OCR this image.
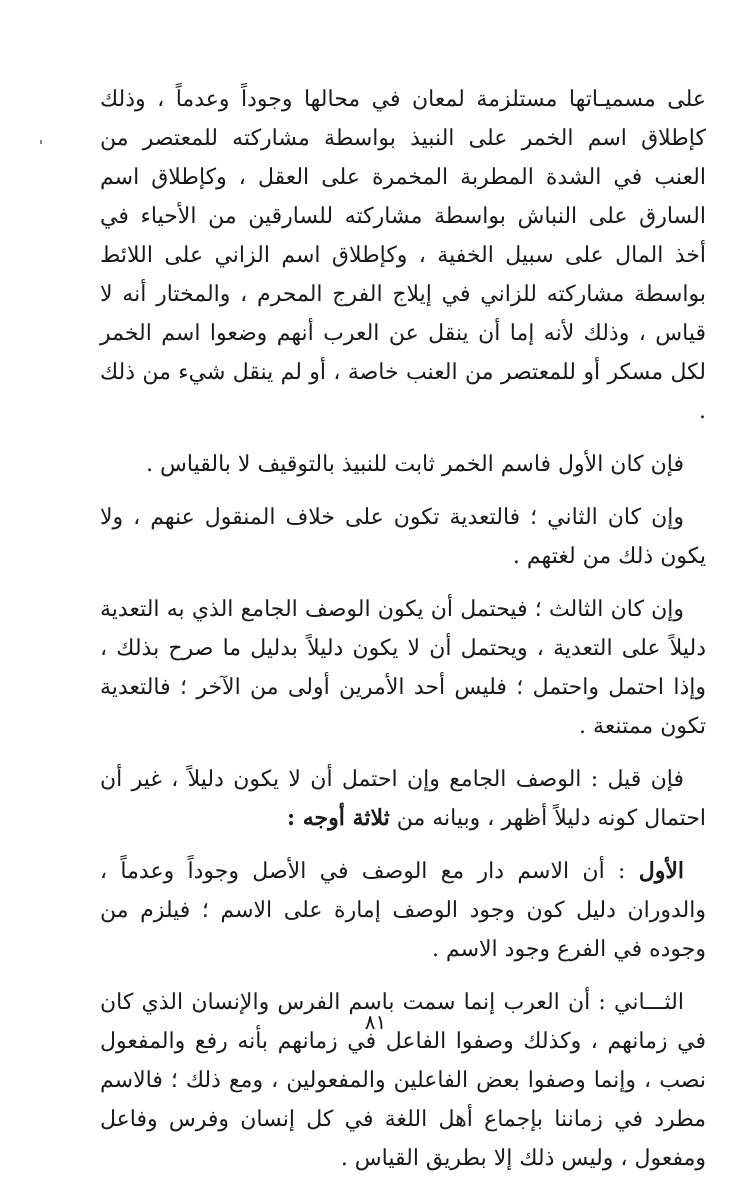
على مسميـاتها مستلزمة لمعان في محالها وجوداً وعدماً ، وذلك كإطلاق اسم الخمر على النبيذ بواسطة مشاركته للمعتصر من العنب في الشدة المطربة المخمرة على العقل ، وكإطلاق اسم السارق على النباش بواسطة مشاركته للسارقين من الأحياء في أخذ المال على سبيل الخفية ، وكإطلاق اسم الزاني على اللائط بواسطة مشاركته للزاني في إيلاج الفرج المحرم ، والمختار أنه لا قياس ، وذلك لأنه إما أن ينقل عن العرب أنهم وضعوا اسم الخمر لكل مسكر أو للمعتصر من العنب خاصة ، أو لم ينقل شيء من ذلك .

فإن كان الأول فاسم الخمر ثابت للنبيذ بالتوقيف لا بالقياس .

وإن كان الثاني ؛ فالتعدية تكون على خلاف المنقول عنهم ، ولا يكون ذلك من لغتهم .

وإن كان الثالث ؛ فيحتمل أن يكون الوصف الجامع الذي به التعدية دليلاً على التعدية ، ويحتمل أن لا يكون دليلاً بدليل ما صرح بذلك ، وإذا احتمل واحتمل ؛ فليس أحد الأمرين أولى من الآخر ؛ فالتعدية تكون ممتنعة .

فإن قيل : الوصف الجامع وإن احتمل أن لا يكون دليلاً ، غير أن احتمال كونه دليلاً أظهر ، وبيانه من ثلاثة أوجه :

الأول : أن الاسم دار مع الوصف في الأصل وجوداً وعدماً ، والدوران دليل كون وجود الوصف إمارة على الاسم ؛ فيلزم من وجوده في الفرع وجود الاسم .

الثـــاني : أن العرب إنما سمت باسم الفرس والإنسان الذي كان في زمانهم ، وكذلك وصفوا الفاعل في زمانهم بأنه رفع والمفعول نصب ، وإنما وصفوا بعض الفاعلين والمفعولين ، ومع ذلك ؛ فالاسم مطرد في زماننا بإجماع أهل اللغة في كل إنسان وفرس وفاعل ومفعول ، وليس ذلك إلا بطريق القياس .

٨١
